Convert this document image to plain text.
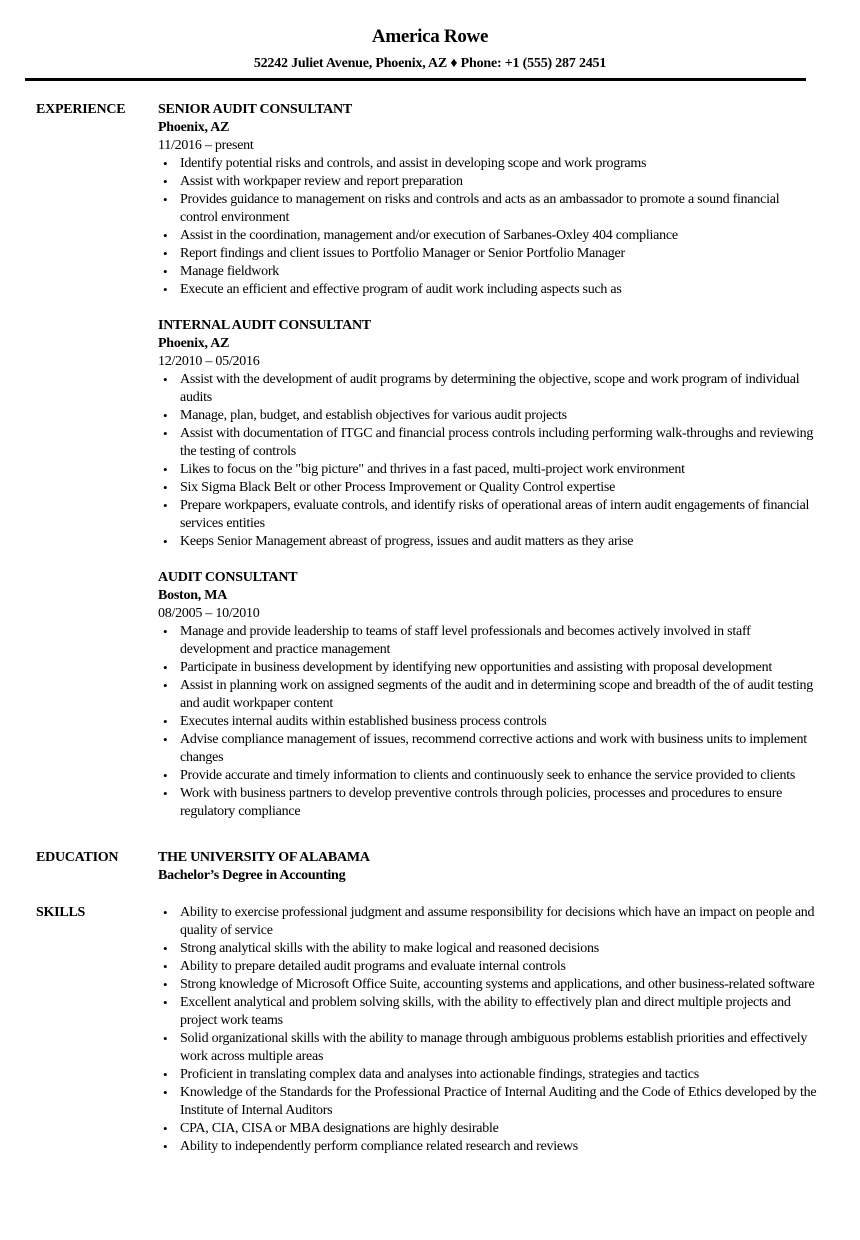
America Rowe
52242 Juliet Avenue, Phoenix, AZ ♦ Phone: +1 (555) 287 2451
EXPERIENCE	SENIOR AUDIT CONSULTANT
Phoenix, AZ
11/2016 – present
• Identify potential risks and controls, and assist in developing scope and work programs
• Assist with workpaper review and report preparation
• Provides guidance to management on risks and controls and acts as an ambassador to promote a sound financial control environment
• Assist in the coordination, management and/or execution of Sarbanes-Oxley 404 compliance
• Report findings and client issues to Portfolio Manager or Senior Portfolio Manager
• Manage fieldwork
• Execute an efficient and effective program of audit work including aspects such as
INTERNAL AUDIT CONSULTANT
Phoenix, AZ
12/2010 – 05/2016
• Assist with the development of audit programs by determining the objective, scope and work program of individual audits
• Manage, plan, budget, and establish objectives for various audit projects
• Assist with documentation of ITGC and financial process controls including performing walk-throughs and reviewing the testing of controls
• Likes to focus on the "big picture" and thrives in a fast paced, multi-project work environment
• Six Sigma Black Belt or other Process Improvement or Quality Control expertise
• Prepare workpapers, evaluate controls, and identify risks of operational areas of intern audit engagements of financial services entities
• Keeps Senior Management abreast of progress, issues and audit matters as they arise
AUDIT CONSULTANT
Boston, MA
08/2005 – 10/2010
• Manage and provide leadership to teams of staff level professionals and becomes actively involved in staff development and practice management
• Participate in business development by identifying new opportunities and assisting with proposal development
• Assist in planning work on assigned segments of the audit and in determining scope and breadth of the of audit testing and audit workpaper content
• Executes internal audits within established business process controls
• Advise compliance management of issues, recommend corrective actions and work with business units to implement changes
• Provide accurate and timely information to clients and continuously seek to enhance the service provided to clients
• Work with business partners to develop preventive controls through policies, processes and procedures to ensure regulatory compliance
EDUCATION	THE UNIVERSITY OF ALABAMA
Bachelor’s Degree in Accounting
SKILLS	• Ability to exercise professional judgment and assume responsibility for decisions which have an impact on people and quality of service
• Strong analytical skills with the ability to make logical and reasoned decisions
• Ability to prepare detailed audit programs and evaluate internal controls
• Strong knowledge of Microsoft Office Suite, accounting systems and applications, and other business-related software
• Excellent analytical and problem solving skills, with the ability to effectively plan and direct multiple projects and project work teams
• Solid organizational skills with the ability to manage through ambiguous problems establish priorities and effectively work across multiple areas
• Proficient in translating complex data and analyses into actionable findings, strategies and tactics
• Knowledge of the Standards for the Professional Practice of Internal Auditing and the Code of Ethics developed by the Institute of Internal Auditors
• CPA, CIA, CISA or MBA designations are highly desirable
• Ability to independently perform compliance related research and reviews
